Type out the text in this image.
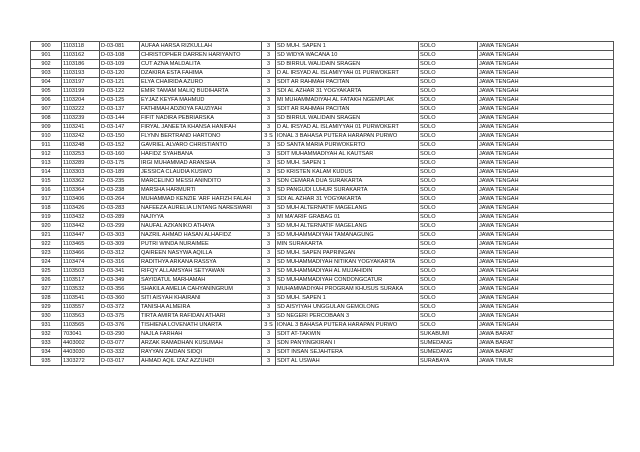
900	1103118	D-03-081	AUFAA HARSA RIZKULLAH	3	SD MUH. SAPEN 1	SOLO	JAWA TENGAH
901	1103162	D-03-108	CHRISTOPHER DARREN HARIYANTO	3	SD WIDYA WACANA 10	SOLO	JAWA TENGAH
902	1103186	D-03-109	CUT AZNA MALDALITA	3	SD BIRRUL WALIDAIN SRAGEN	SOLO	JAWA TENGAH
903	1103193	D-03-120	DZAKIRA ESTA FAHIMA	3	D AL IRSYAD AL ISLAMIYYAH 01 PURWOKERT	SOLO	JAWA TENGAH
904	1103197	D-03-121	ELYA CHAIRIDA AZURO	3	SDIT AR RAHMAH PACITAN	SOLO	JAWA TENGAH
905	1103199	D-03-122	EMIR TAMAM MALIQ BUDIHARTA	3	SDI AL AZHAR 31 YOGYAKARTA	SOLO	JAWA TENGAH
906	1103204	D-03-125	EYJAZ KEYFA MAHMUD	3	MI MUHAMMADIYAH AL FATAKH NGEMPLAK	SOLO	JAWA TENGAH
907	1103222	D-03-137	FATHIMAH ADZKIYA FAUZIYAH	3	SDIT AR RAHMAH PACITAN	SOLO	JAWA TENGAH
908	1103239	D-03-144	FIFIT NADIRA PEBRIARSKA	3	SD BIRRUL WALIDAIN SRAGEN	SOLO	JAWA TENGAH
909	1103241	D-03-147	FIRYAL JANEETA KHANSA HANIFAH	3	D AL IRSYAD AL ISLAMIYYAH 01 PURWOKERT	SOLO	JAWA TENGAH
910	1103242	D-03-150	FLYNN BERTRAND HARTONO	3 S	IONAL 3 BAHASA PUTERA HARAPAN PURWO	SOLO	JAWA TENGAH
911	1103248	D-03-152	GAVRIEL ALVARO CHRISTIANTO	3	SD SANTA MARIA PURWOKERTO	SOLO	JAWA TENGAH
912	1103253	D-03-160	HAFIDZ SYAHBANA	3	SDIT MUHAMMADIYAH AL KAUTSAR	SOLO	JAWA TENGAH
913	1103289	D-03-175	IRGI MUHAMMAD ARANSHA	3	SD MUH. SAPEN 1	SOLO	JAWA TENGAH
914	1103303	D-03-189	JESSICA CLAUDIA KUSWO	3	SD KRISTEN KALAM KUDUS	SOLO	JAWA TENGAH
915	1103362	D-03-235	MARCELINO MESSI ANINDITO	3	SDN CEMARA DUA SURAKARTA	SOLO	JAWA TENGAH
916	1103364	D-03-238	MARSHA HARMURTI	3	SD PANGUDI LUHUR SURAKARTA	SOLO	JAWA TENGAH
917	1103406	D-03-264	MUHAMMAD KENZIE 'ARF HAFIZH FALAH	3	SDI AL AZHAR 31 YOGYAKARTA	SOLO	JAWA TENGAH
918	1103426	D-03-283	NAFEEZA AURELIA LINTANG NARESWARI	3	SD MUH ALTERNATIF MAGELANG	SOLO	JAWA TENGAH
919	1103432	D-03-289	NAJIYYA	3	MI MA'ARIF GRABAG 01	SOLO	JAWA TENGAH
920	1103442	D-03-299	NAUFAL AZKANIKO ATHAYA	3	SD MUH ALTERNATIF MAGELANG	SOLO	JAWA TENGAH
921	1103447	D-03-303	NAZRIL AHMAD HASAN ALHAFIDZ	3	SD MUHAMMADIYAH TAMANAGUNG	SOLO	JAWA TENGAH
922	1103465	D-03-309	PUTRI WINDA NURAIMEE	3	MIN SURAKARTA	SOLO	JAWA TENGAH
923	1103466	D-03-312	QAIREEN NASYWA AQILLA	3	SD MUH. SAPEN PAPRINGAN	SOLO	JAWA TENGAH
924	1103474	D-03-316	RADITHYA ARKANA RASSYA	3	SD MUHAMMADIYAH NITIKAN YOGYAKARTA	SOLO	JAWA TENGAH
925	1103503	D-03-341	RIFQY ALLAMSYAH SETYAWAN	3	SD MUHAMMADIYAH AL MUJAHIDIN	SOLO	JAWA TENGAH
926	1103517	D-03-349	SAYIDATUL MARHAMAH	3	SD MUHAMMADIYAH CONDONGCATUR	SOLO	JAWA TENGAH
927	1103532	D-03-356	SHAKILA AMELIA CAHYANINGRUM	3	MUHAMMADIYAH PROGRAM KHUSUS SURAKA	SOLO	JAWA TENGAH
928	1103541	D-03-360	SITI AISYAH KHAIRANI	3	SD MUH. SAPEN 1	SOLO	JAWA TENGAH
929	1103557	D-03-372	TANISHA ALMEIRA	3	SD AISYIYAH UNGGULAN GEMOLONG	SOLO	JAWA TENGAH
930	1103563	D-03-375	TIRTA AMIRTA RAFIDAN ATHARI	3	SD NEGERI PERCOBAAN 3	SOLO	JAWA TENGAH
931	1103565	D-03-376	TISHIENA LOVENATH UNARTA	3 S	IONAL 3 BAHASA PUTERA HARAPAN PURWO	SOLO	JAWA TENGAH
932	703041	D-03-290	NAJLA FARHAH	3	SDIT AT-TAKWIN	SUKABUMI	JAWA BARAT
933	4403002	D-03-077	ARZAK RAMADHAN KUSUMAH	3	SDN PANYINGKIRAN I	SUMEDANG	JAWA BARAT
934	4403030	D-03-332	RAYYAN ZAIDAN SIDQI	3	SDIT INSAN SEJAHTERA	SUMEDANG	JAWA BARAT
935	1303272	D-03-017	AHMAD AQIL IZAZ AZZUHDI	3	SDIT AL USWAH	SURABAYA	JAWA TIMUR
